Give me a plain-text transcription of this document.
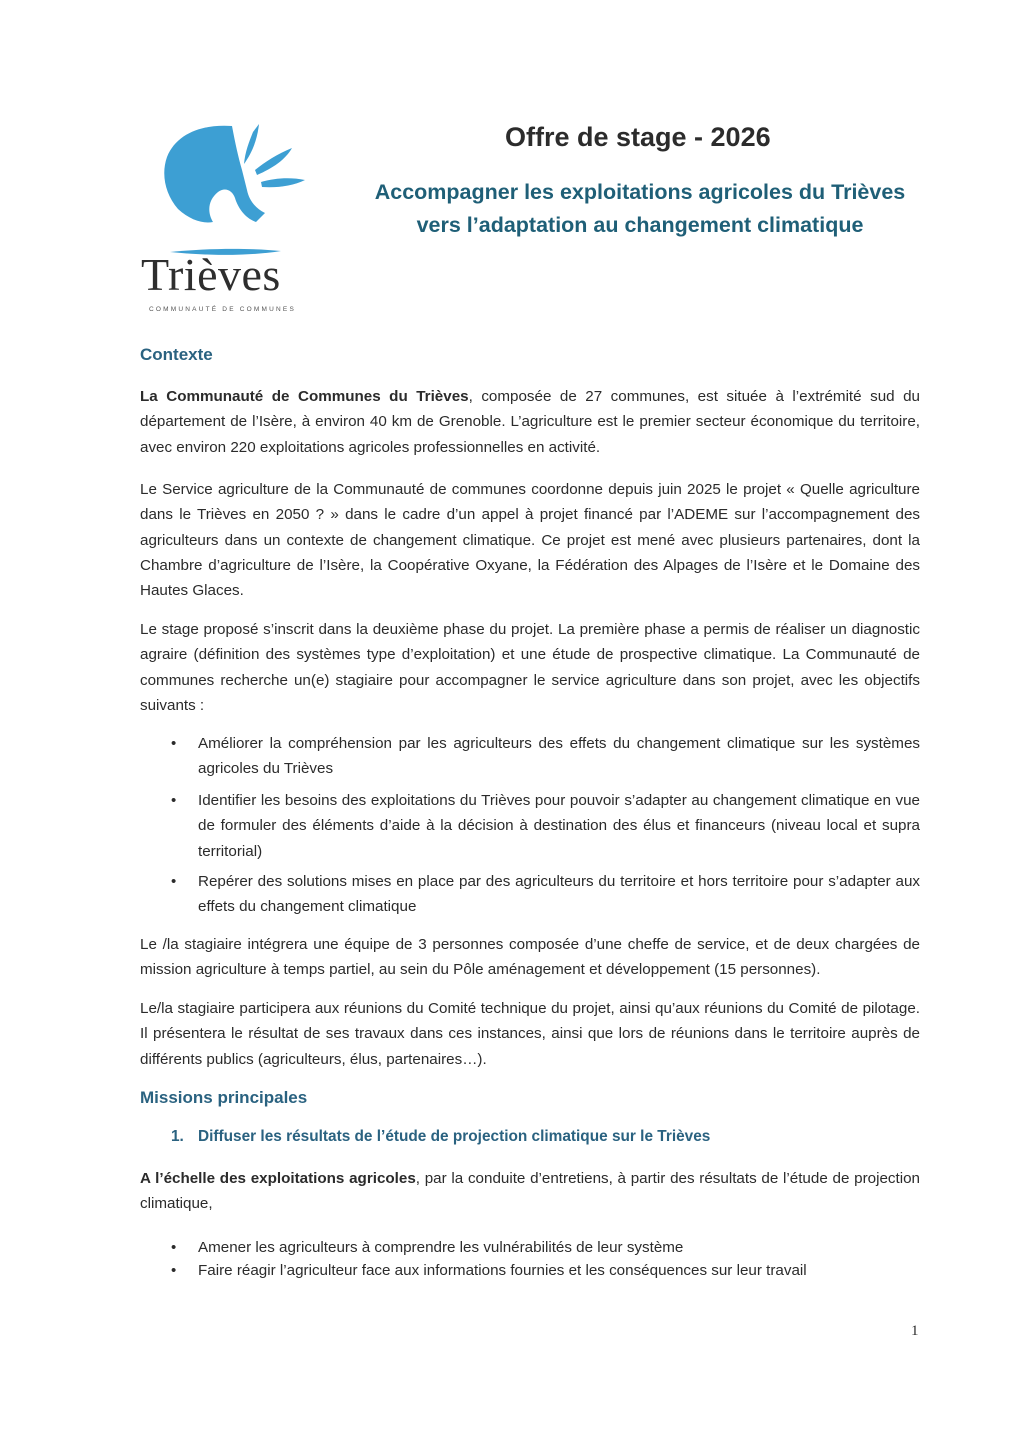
Trièves
COMMUNAUTÉ DE COMMUNES
Offre de stage - 2026
Accompagner les exploitations agricoles du Trièves
vers l’adaptation au changement climatique
Contexte
La Communauté de Communes du Trièves, composée de 27 communes, est située à l’extrémité sud du département de l’Isère, à environ 40 km de Grenoble. L’agriculture est le premier secteur économique du territoire, avec environ 220 exploitations agricoles professionnelles en activité.
Le Service agriculture de la Communauté de communes coordonne depuis juin 2025 le projet « Quelle agriculture dans le Trièves en 2050 ? » dans le cadre d’un appel à projet financé par l’ADEME sur l’accompagnement des agriculteurs dans un contexte de changement climatique. Ce projet est mené avec plusieurs partenaires, dont la Chambre d’agriculture de l’Isère, la Coopérative Oxyane, la Fédération des Alpages de l’Isère et le Domaine des Hautes Glaces.
Le stage proposé s’inscrit dans la deuxième phase du projet. La première phase a permis de réaliser un diagnostic agraire (définition des systèmes type d’exploitation) et une étude de prospective climatique. La Communauté de communes recherche un(e) stagiaire pour accompagner le service agriculture dans son projet, avec les objectifs suivants :
• Améliorer la compréhension par les agriculteurs des effets du changement climatique sur les systèmes agricoles du Trièves
• Identifier les besoins des exploitations du Trièves pour pouvoir s’adapter au changement climatique en vue de formuler des éléments d’aide à la décision à destination des élus et financeurs (niveau local et supra territorial)
• Repérer des solutions mises en place par des agriculteurs du territoire et hors territoire pour s’adapter aux effets du changement climatique
Le /la stagiaire intégrera une équipe de 3 personnes composée d’une cheffe de service, et de deux chargées de mission agriculture à temps partiel, au sein du Pôle aménagement et développement (15 personnes).
Le/la stagiaire participera aux réunions du Comité technique du projet, ainsi qu’aux réunions du Comité de pilotage. Il présentera le résultat de ses travaux dans ces instances, ainsi que lors de réunions dans le territoire auprès de différents publics (agriculteurs, élus, partenaires…).
Missions principales
1. Diffuser les résultats de l’étude de projection climatique sur le Trièves
A l’échelle des exploitations agricoles, par la conduite d’entretiens, à partir des résultats de l’étude de projection climatique,
• Amener les agriculteurs à comprendre les vulnérabilités de leur système
• Faire réagir l’agriculteur face aux informations fournies et les conséquences sur leur travail
1
